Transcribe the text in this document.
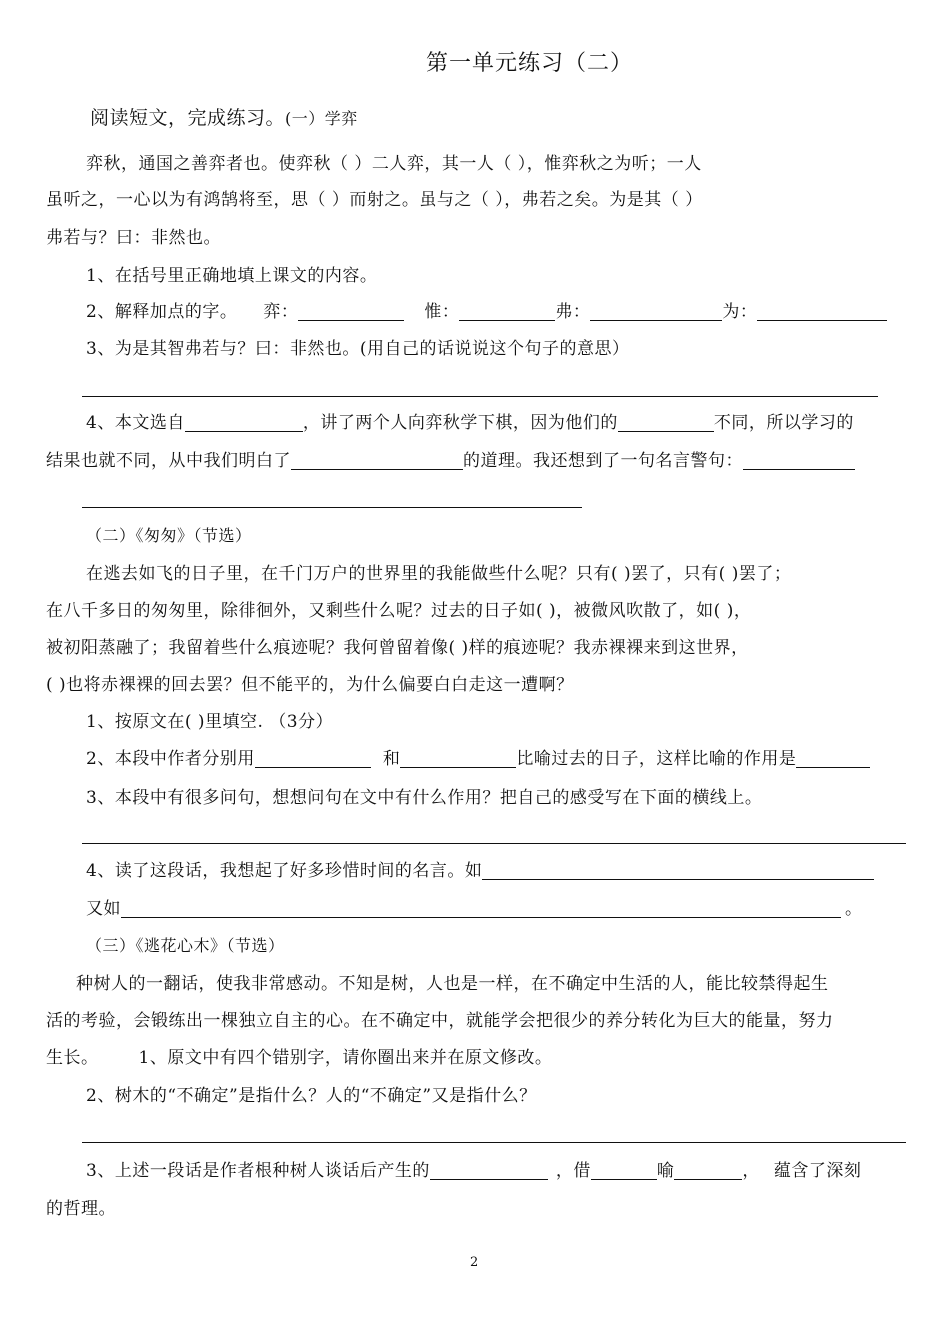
第一单元练习（二）
阅读短文，完成练习。(一）学弈
弈秋，通国之善弈者也。使弈秋（ ）二人弈，其一人（ ），惟弈秋之为听；一人
虽听之，一心以为有鸿鹄将至，思（ ）而射之。虽与之（ ），弗若之矣。为是其（ ）
弗若与？曰：非然也。
1、在括号里正确地填上课文的内容。
2、解释加点的字。 弈：	惟：	弗：	为：
3、为是其智弗若与？曰：非然也。(用自己的话说说这个句子的意思）
4、本文选自	，讲了两个人向弈秋学下棋，因为他们的	不同，所以学习的
结果也就不同，从中我们明白了	的道理。我还想到了一句名言警句：
（二）《匆匆》（节选）
在逃去如飞的日子里，在千门万户的世界里的我能做些什么呢？只有( )罢了，只有( )罢了；
在八千多日的匆匆里，除徘徊外，又剩些什么呢？过去的日子如( )，被微风吹散了，如( )，
被初阳蒸融了；我留着些什么痕迹呢？我何曾留着像( )样的痕迹呢？我赤裸裸来到这世界，
( )也将赤裸裸的回去罢？但不能平的，为什么偏要白白走这一遭啊？
1、按原文在( )里填空. （3分）
2、本段中作者分别用	和	比喻过去的日子，这样比喻的作用是
3、本段中有很多问句，想想问句在文中有什么作用？把自己的感受写在下面的横线上。
4、读了这段话，我想起了好多珍惜时间的名言。如
又如	。
（三）《逃花心木》（节选）
种树人的一翻话，使我非常感动。不知是树，人也是一样，在不确定中生活的人，能比较禁得起生
活的考验，会锻练出一棵独立自主的心。在不确定中，就能学会把很少的养分转化为巨大的能量，努力
生长。 1、原文中有四个错别字，请你圈出来并在原文修改。
2、树木的“不确定”是指什么？人的“不确定”又是指什么？
3、上述一段话是作者根种树人谈话后产生的	，借	喻	， 蕴含了深刻
的哲理。
2
